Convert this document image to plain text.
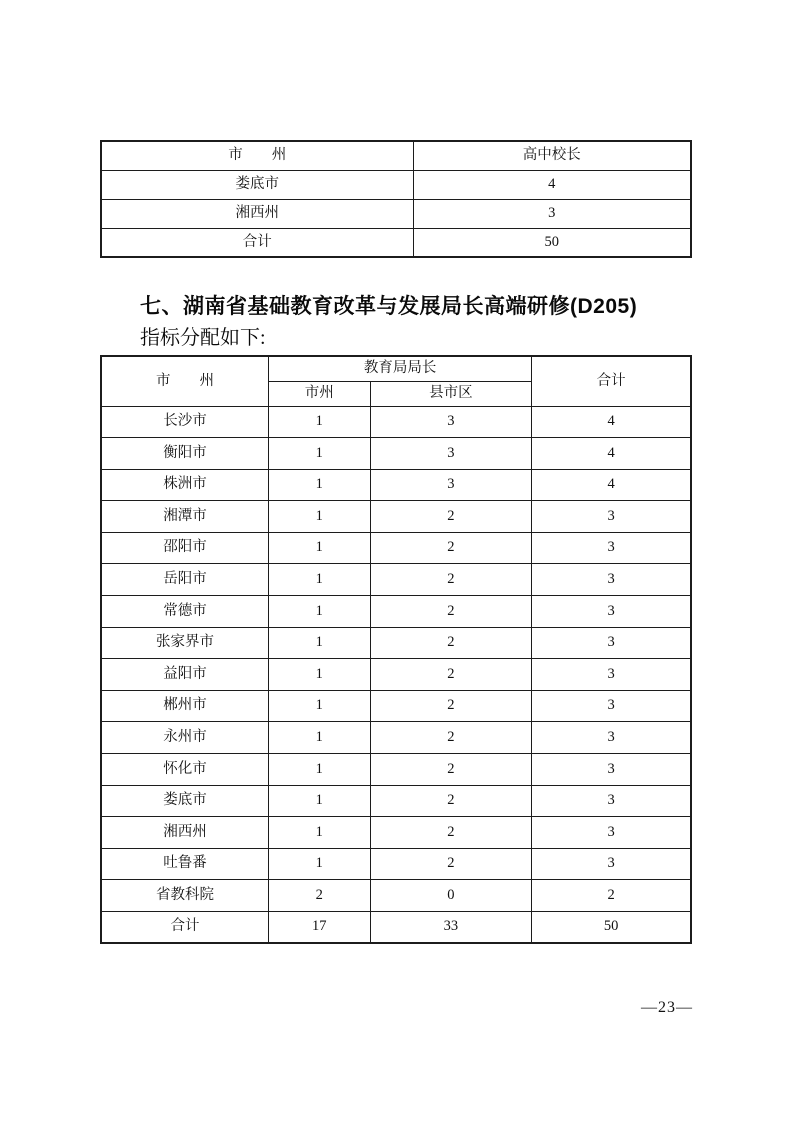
市　　州	高中校长
娄底市	4
湘西州	3
合计	50
七、湖南省基础教育改革与发展局长高端研修(D205)
指标分配如下:
市　　州	教育局局长		合计
	市州	县市区	
长沙市	1	3	4
衡阳市	1	3	4
株洲市	1	3	4
湘潭市	1	2	3
邵阳市	1	2	3
岳阳市	1	2	3
常德市	1	2	3
张家界市	1	2	3
益阳市	1	2	3
郴州市	1	2	3
永州市	1	2	3
怀化市	1	2	3
娄底市	1	2	3
湘西州	1	2	3
吐鲁番	1	2	3
省教科院	2	0	2
合计	17	33	50
—23—
